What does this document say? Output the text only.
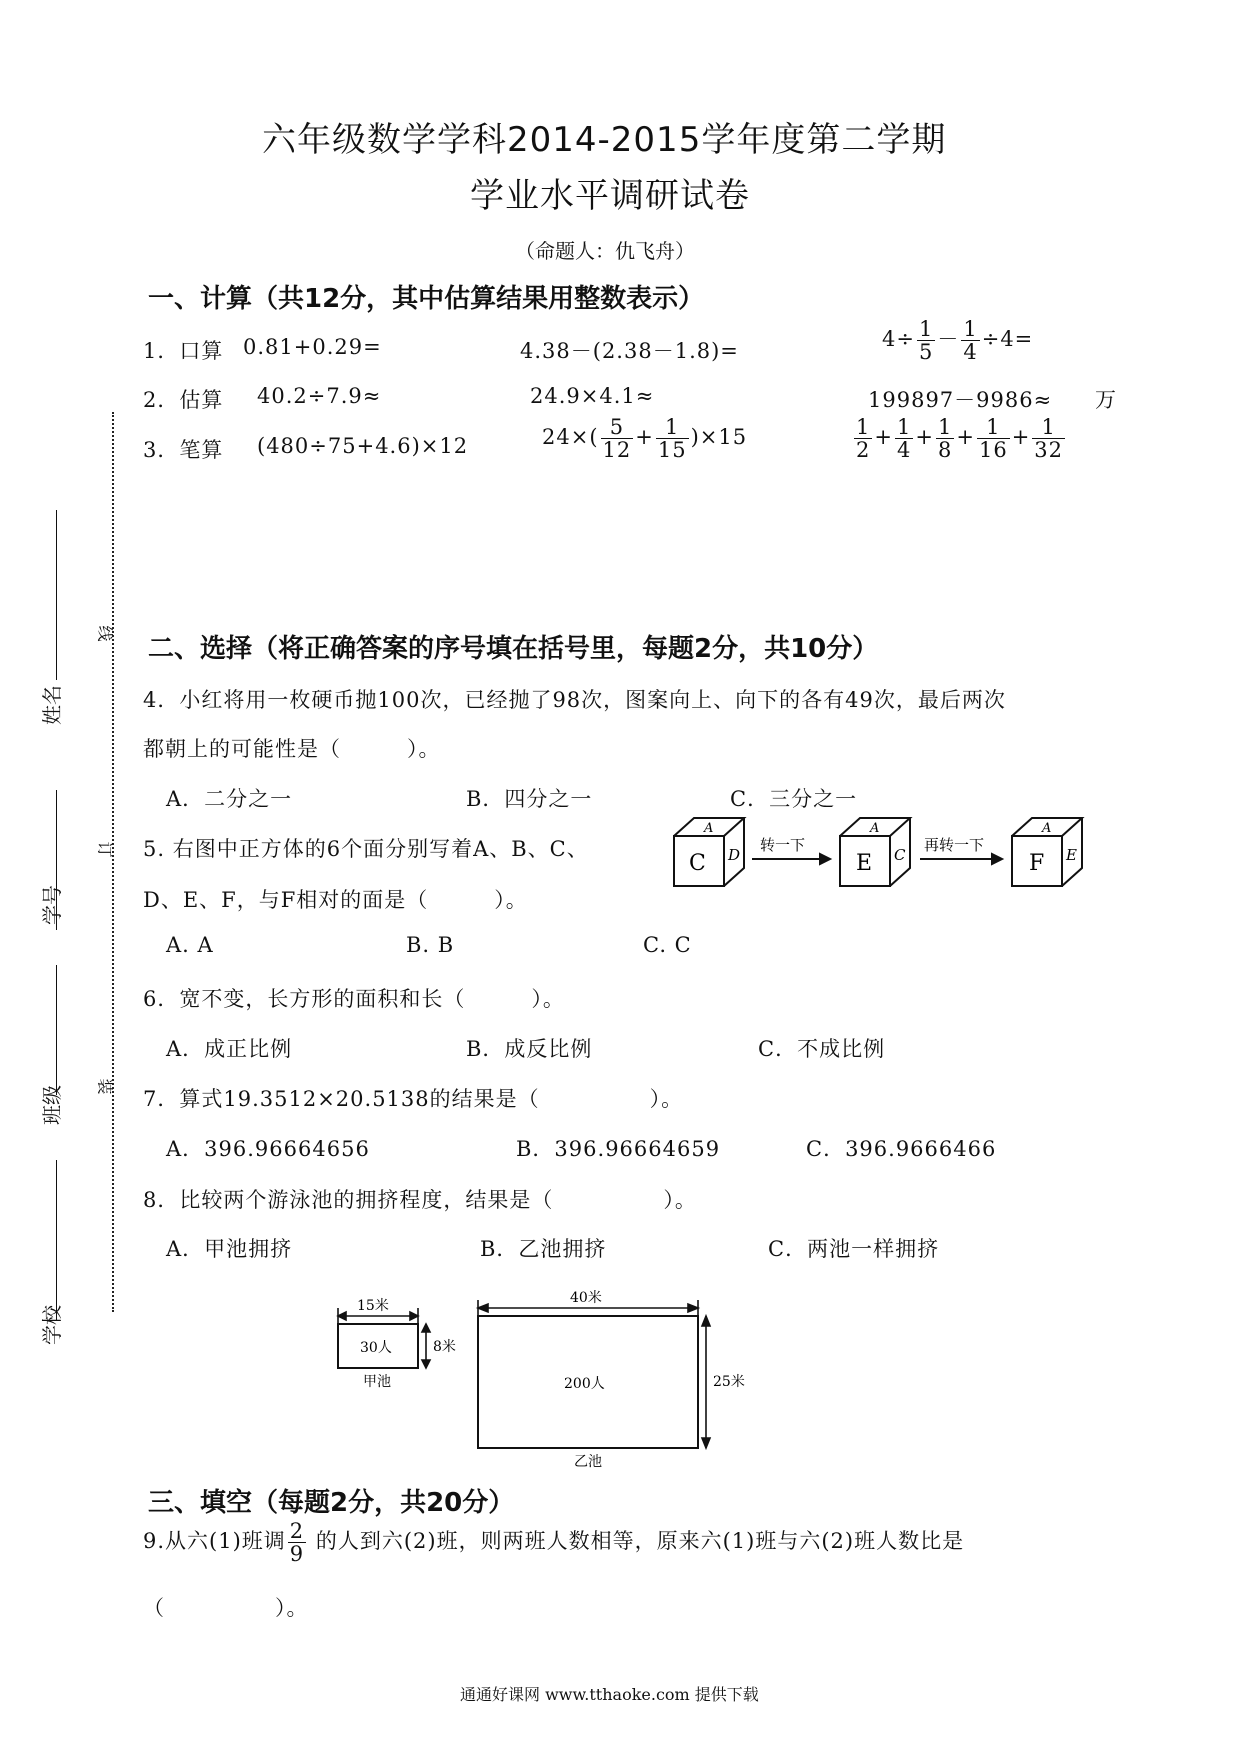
六年级数学学科2014-2015学年度第二学期
学业水平调研试卷
（命题人：仇飞舟）
姓名
学号
班级
学校
线
订
装
一、计算（共12分，其中估算结果用整数表示）
1．口算 0.81+0.29=	4.38－(2.38－1.8)=	$4\div \frac{1}{5} - \frac{1}{4} \div 4=$
2．估算 40.2÷7.9≈	24.9×4.1≈	199897－9986≈ 万
3．笔算 (480÷75+4.6)×12	$24\times( \frac{5}{12} + \frac{1}{15} )\times 15$	$\frac{1}{2} + \frac{1}{4} + \frac{1}{8} + \frac{1}{16} + \frac{1}{32}$
二、选择（将正确答案的序号填在括号里，每题2分，共10分）
4．小红将用一枚硬币抛100次，已经抛了98次，图案向上、向下的各有49次，最后两次
都朝上的可能性是（　　　）。
A．二分之一	B．四分之一	C．三分之一
5. 右图中正方体的6个面分别写着A、B、C、
D、E、F，与F相对的面是（　　　）。
A. A	B. B	C. C
C
A
D
转一下
E
A
C
再转一下
F
A
E
6．宽不变，长方形的面积和长（　　　）。
A．成正比例	B．成反比例	C．不成比例
7．算式19.3512×20.5138的结果是（　　　　　）。
A．396.96664656	B．396.96664659	C．396.9666466
8．比较两个游泳池的拥挤程度，结果是（　　　　　）。
A．甲池拥挤	B．乙池拥挤	C．两池一样拥挤
15米
8米
30人
甲池
40米
25米
200人
乙池
三、填空（每题2分，共20分）
9.从六(1)班调 $\frac{2}{9}$ 的人到六(2)班，则两班人数相等，原来六(1)班与六(2)班人数比是
（　　　　　）。
通通好课网 www.tthaoke.com 提供下载
